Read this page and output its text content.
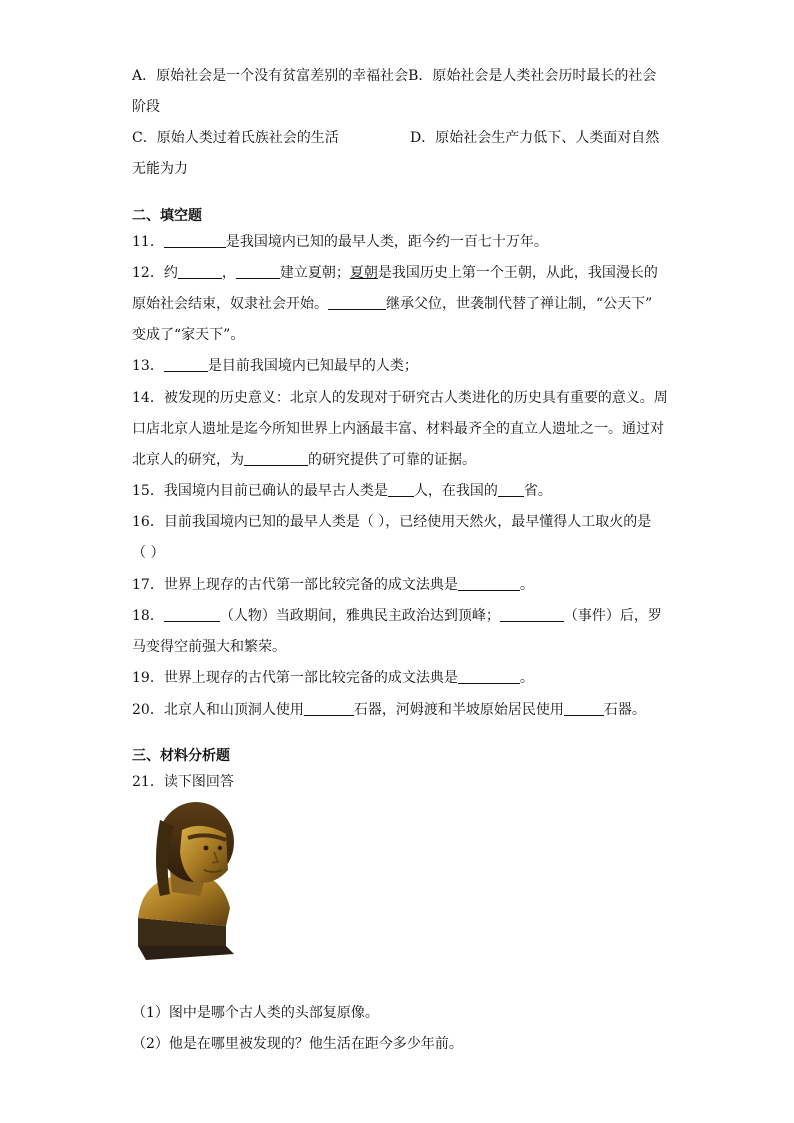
A．原始社会是一个没有贫富差别的幸福社会B．原始社会是人类社会历时最长的社会
阶段
C．原始人类过着氏族社会的生活	D．原始社会生产力低下、人类面对自然
无能为力
二、填空题
11．	是我国境内已知的最早人类，距今约一百七十万年。
12．约	，	建立夏朝；夏朝是我国历史上第一个王朝，从此，我国漫长的
原始社会结束，奴隶社会开始。	继承父位，世袭制代替了禅让制，“公天下”
变成了“家天下”。
13．	是目前我国境内已知最早的人类；
14．被发现的历史意义：北京人的发现对于研究古人类进化的历史具有重要的意义。周
口店北京人遗址是迄今所知世界上内涵最丰富、材料最齐全的直立人遗址之一。通过对
北京人的研究，为	的研究提供了可靠的证据。
15．我国境内目前已确认的最早古人类是 人，在我国的 省。
16．目前我国境内已知的最早人类是（ ），已经使用天然火，最早懂得人工取火的是
（ ）
17．世界上现存的古代第一部比较完备的成文法典是	。
18．	（人物）当政期间，雅典民主政治达到顶峰；	（事件）后，罗
马变得空前强大和繁荣。
19．世界上现存的古代第一部比较完备的成文法典是	。
20．北京人和山顶洞人使用	石器，河姆渡和半坡原始居民使用	石器。
三、材料分析题
21．读下图回答
（1）图中是哪个古人类的头部复原像。
（2）他是在哪里被发现的？他生活在距今多少年前。
